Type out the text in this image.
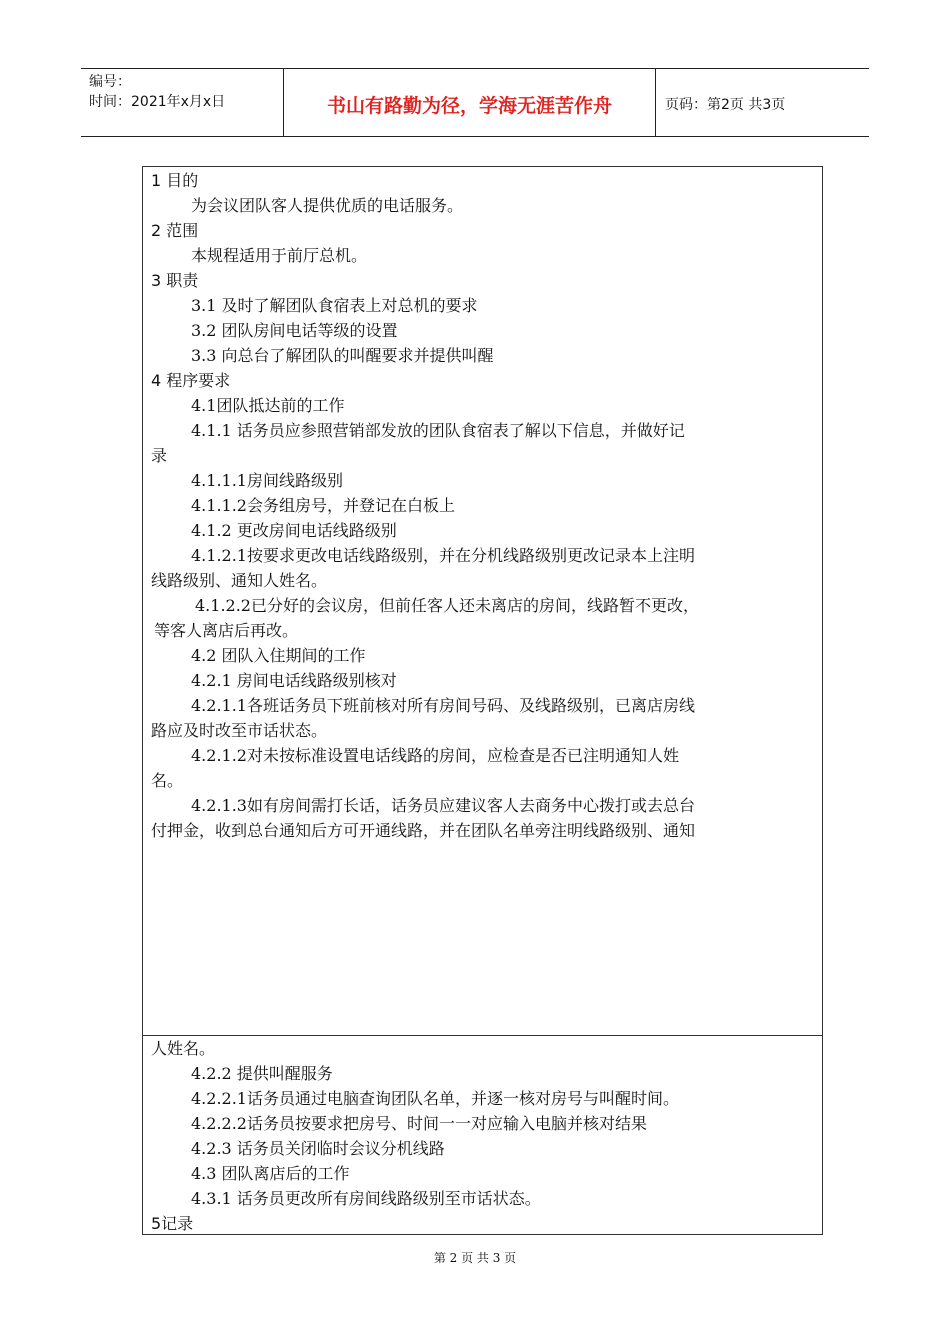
编号：
时间：2021年x月x日	书山有路勤为径，学海无涯苦作舟	页码：第2页 共3页
1 目的
为会议团队客人提供优质的电话服务。
2 范围
本规程适用于前厅总机。
3 职责
3.1 及时了解团队食宿表上对总机的要求
3.2 团队房间电话等级的设置
3.3 向总台了解团队的叫醒要求并提供叫醒
4 程序要求
4.1团队抵达前的工作
4.1.1 话务员应参照营销部发放的团队食宿表了解以下信息，并做好记
录
4.1.1.1房间线路级别
4.1.1.2会务组房号，并登记在白板上
4.1.2 更改房间电话线路级别
4.1.2.1按要求更改电话线路级别，并在分机线路级别更改记录本上注明
线路级别、通知人姓名。
4.1.2.2已分好的会议房，但前任客人还未离店的房间，线路暂不更改，
等客人离店后再改。
4.2 团队入住期间的工作
4.2.1 房间电话线路级别核对
4.2.1.1各班话务员下班前核对所有房间号码、及线路级别，已离店房线
路应及时改至市话状态。
4.2.1.2对未按标准设置电话线路的房间，应检查是否已注明通知人姓
名。
4.2.1.3如有房间需打长话，话务员应建议客人去商务中心拨打或去总台
付押金，收到总台通知后方可开通线路，并在团队名单旁注明线路级别、通知
人姓名。
4.2.2 提供叫醒服务
4.2.2.1话务员通过电脑查询团队名单，并逐一核对房号与叫醒时间。
4.2.2.2话务员按要求把房号、时间一一对应输入电脑并核对结果
4.2.3 话务员关闭临时会议分机线路
4.3 团队离店后的工作
4.3.1 话务员更改所有房间线路级别至市话状态。
5记录
第 2 页 共 3 页
